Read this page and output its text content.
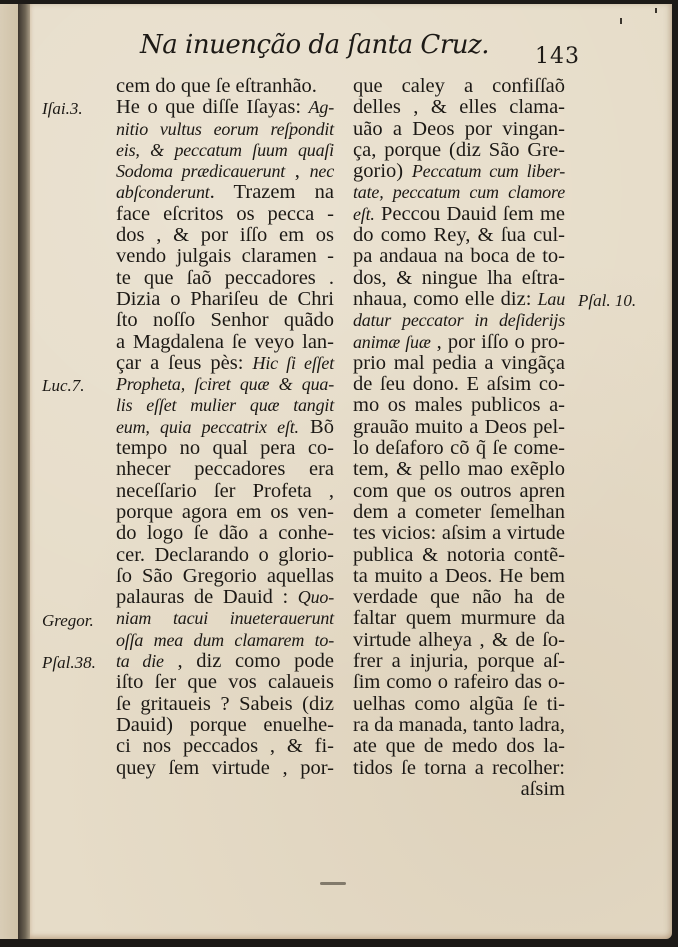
Na inuenção da ſanta Cruz. 143
cem do que ſe eſtranhão.
He o que diſſe Iſayas: Ag-
nitio vultus eorum reſpondit
eis, & peccatum ſuum quaſi
Sodoma prædicauerunt , nec
abſconderunt. Trazem na
face eſcritos os pecca -
dos , & por iſſo em os
vendo julgais claramen -
te que ſaõ peccadores .
Dizia o Phariſeu de Chri
ſto noſſo Senhor quãdo
a Magdalena ſe veyo lan-
çar a ſeus pès: Hic ſi eſſet
Propheta, ſciret quæ & qua-
lis eſſet mulier quæ tangit
eum, quia peccatrix eſt. Bõ
tempo no qual pera co-
nhecer peccadores era
neceſſario ſer Profeta ,
porque agora em os ven-
do logo ſe dão a conhe-
cer. Declarando o glorio-
ſo São Gregorio aquellas
palauras de Dauid : Quo-
niam tacui inueterauerunt
oſſa mea dum clamarem to-
ta die , diz como pode
iſto ſer que vos calaueis
ſe gritaueis ? Sabeis (diz
Dauid) porque enuelhe-
ci nos peccados , & fi-
quey ſem virtude , por-
que caley a confiſſaõ
delles , & elles clama-
uão a Deos por vingan-
ça, porque (diz São Gre-
gorio) Peccatum cum liber-
tate, peccatum cum clamore
eſt. Peccou Dauid ſem me
do como Rey, & ſua cul-
pa andaua na boca de to-
dos, & ningue lha eſtra-
nhaua, como elle diz: Lau
datur peccator in deſiderijs
animæ ſuæ , por iſſo o pro-
prio mal pedia a vingãça
de ſeu dono. E aſsim co-
mo os males publicos a-
grauão muito a Deos pel-
lo deſaforo cõ q̃ ſe come-
tem, & pello mao exẽplo
com que os outros apren
dem a cometer ſemelhan
tes vicios: aſsim a virtude
publica & notoria contẽ-
ta muito a Deos. He bem
verdade que não ha de
faltar quem murmure da
virtude alheya , & de ſo-
frer a injuria, porque aſ-
ſim como o rafeiro das o-
uelhas como algũa ſe ti-
ra da manada, tanto ladra,
ate que de medo dos la-
tidos ſe torna a recolher:
aſsim
Iſai.3.
Luc.7.
Gregor.
Pſal.38.
Pſal. 10.
